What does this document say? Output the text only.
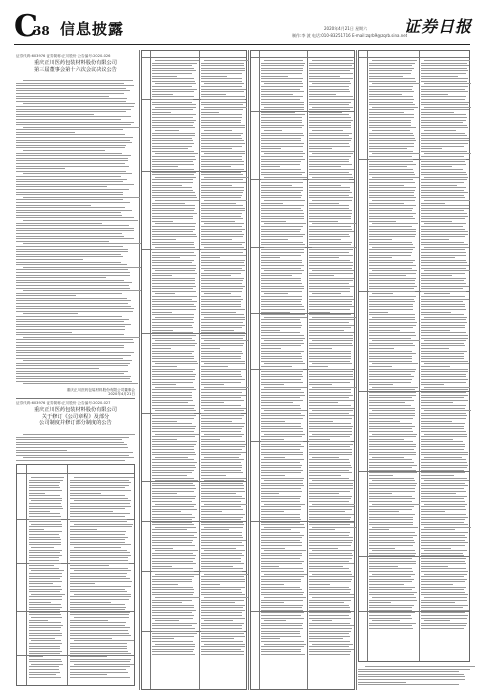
C
38 信息披露	2020年4月21日 星期六
制作:李 波 电话:010-83251716 E-mail:zqrb9@zqrb.sina.net
证券日报
证券代码:603976 证券简称:正川股份 公告编号:2020-026
重庆正川医药包装材料股份有限公司
第三届董事会第十六次会议决议公告
重庆正川医药包装材料股份有限公司董事会
2020年4月21日
证券代码:603976 证券简称:正川股份 公告编号:2020-027
重庆正川医药包装材料股份有限公司
关于修订《公司章程》及部分
公司制度并修订部分制度的公告
